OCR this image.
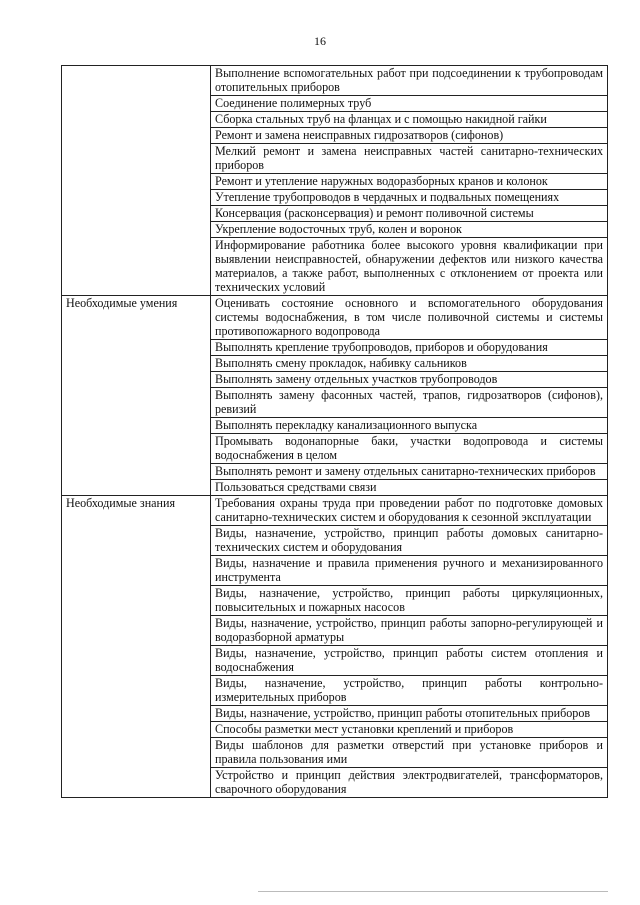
16
	Выполнение вспомогательных работ при подсоединении к трубопроводам отопительных приборов
	Соединение полимерных труб
	Сборка стальных труб на фланцах и с помощью накидной гайки
	Ремонт и замена неисправных гидрозатворов (сифонов)
	Мелкий ремонт и замена неисправных частей санитарно-технических приборов
	Ремонт и утепление наружных водоразборных кранов и колонок
	Утепление трубопроводов в чердачных и подвальных помещениях
	Консервация (расконсервация) и ремонт поливочной системы
	Укрепление водосточных труб, колен и воронок
	Информирование работника более высокого уровня квалификации при выявлении неисправностей, обнаружении дефектов или низкого качества материалов, а также работ, выполненных с отклонением от проекта или технических условий
Необходимые умения	Оценивать состояние основного и вспомогательного оборудования системы водоснабжения, в том числе поливочной системы и системы противопожарного водопровода
	Выполнять крепление трубопроводов, приборов и оборудования
	Выполнять смену прокладок, набивку сальников
	Выполнять замену отдельных участков трубопроводов
	Выполнять замену фасонных частей, трапов, гидрозатворов (сифонов), ревизий
	Выполнять перекладку канализационного выпуска
	Промывать водонапорные баки, участки водопровода и системы водоснабжения в целом
	Выполнять ремонт и замену отдельных санитарно-технических приборов
	Пользоваться средствами связи
Необходимые знания	Требования охраны труда при проведении работ по подготовке домовых санитарно-технических систем и оборудования к сезонной эксплуатации
	Виды, назначение, устройство, принцип работы домовых санитарно-технических систем и оборудования
	Виды, назначение и правила применения ручного и механизированного инструмента
	Виды, назначение, устройство, принцип работы циркуляционных, повысительных и пожарных насосов
	Виды, назначение, устройство, принцип работы запорно-регулирующей и водоразборной арматуры
	Виды, назначение, устройство, принцип работы систем отопления и водоснабжения
	Виды, назначение, устройство, принцип работы контрольно-измерительных приборов
	Виды, назначение, устройство, принцип работы отопительных приборов
	Способы разметки мест установки креплений и приборов
	Виды шаблонов для разметки отверстий при установке приборов и правила пользования ими
	Устройство и принцип действия электродвигателей, трансформаторов, сварочного оборудования
